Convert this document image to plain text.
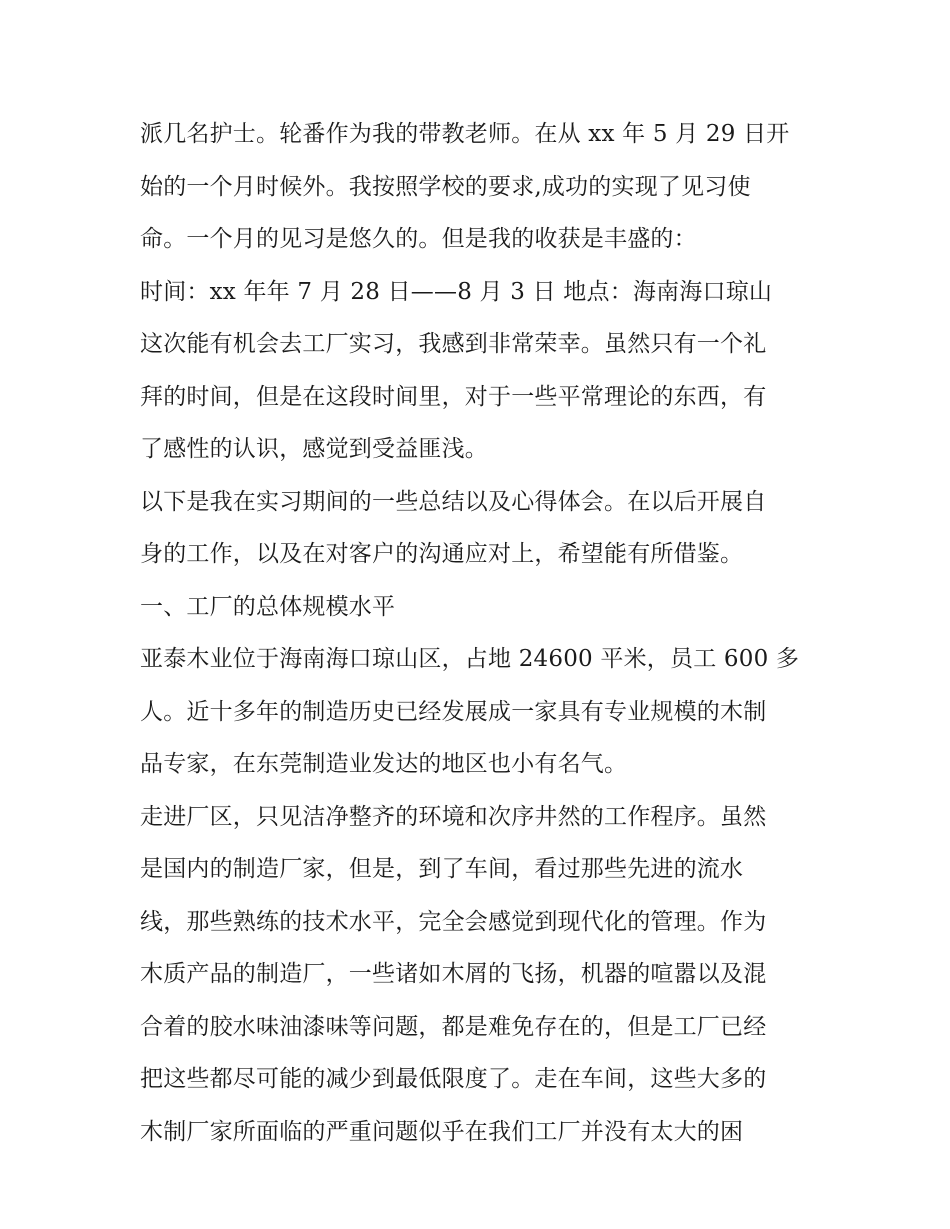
派几名护士。轮番作为我的带教老师。在从 xx 年 5 月 29 日开
始的一个月时候外。我按照学校的要求,成功的实现了见习使
命。一个月的见习是悠久的。但是我的收获是丰盛的：
时间：xx 年年 7 月 28 日——8 月 3 日 地点：海南海口琼山
这次能有机会去工厂实习，我感到非常荣幸。虽然只有一个礼
拜的时间，但是在这段时间里，对于一些平常理论的东西，有
了感性的认识，感觉到受益匪浅。
以下是我在实习期间的一些总结以及心得体会。在以后开展自
身的工作，以及在对客户的沟通应对上，希望能有所借鉴。
一、工厂的总体规模水平
亚泰木业位于海南海口琼山区，占地 24600 平米，员工 600 多
人。近十多年的制造历史已经发展成一家具有专业规模的木制
品专家，在东莞制造业发达的地区也小有名气。
走进厂区，只见洁净整齐的环境和次序井然的工作程序。虽然
是国内的制造厂家，但是，到了车间，看过那些先进的流水
线，那些熟练的技术水平，完全会感觉到现代化的管理。作为
木质产品的制造厂，一些诸如木屑的飞扬，机器的喧嚣以及混
合着的胶水味油漆味等问题，都是难免存在的，但是工厂已经
把这些都尽可能的减少到最低限度了。走在车间，这些大多的
木制厂家所面临的严重问题似乎在我们工厂并没有太大的困
